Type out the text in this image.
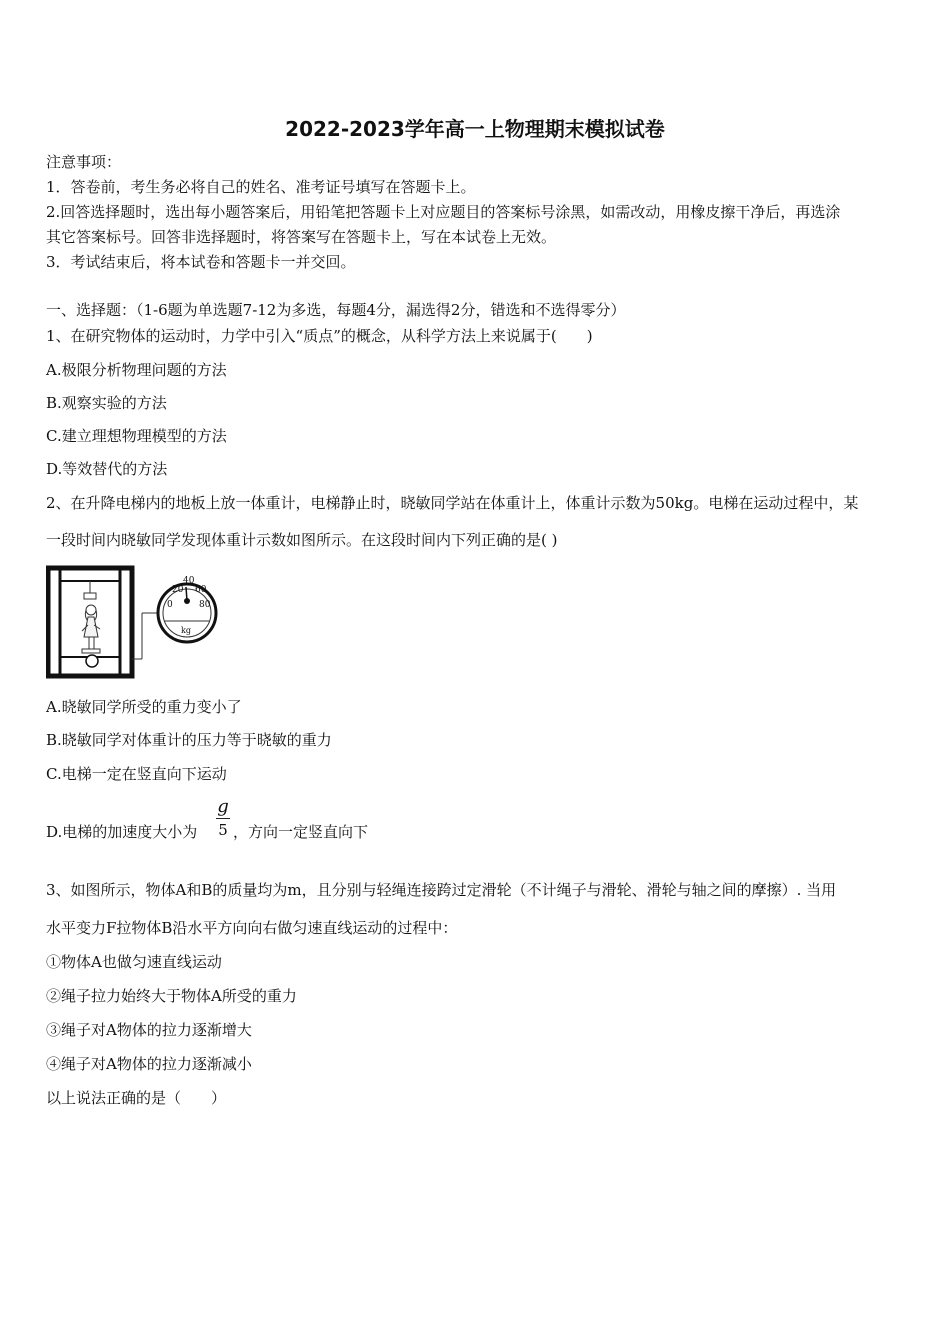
2022-2023学年高一上物理期末模拟试卷
注意事项：
1．答卷前，考生务必将自己的姓名、准考证号填写在答题卡上。
2.回答选择题时，选出每小题答案后，用铅笔把答题卡上对应题目的答案标号涂黑，如需改动，用橡皮擦干净后，再选涂
其它答案标号。回答非选择题时，将答案写在答题卡上，写在本试卷上无效。
3．考试结束后，将本试卷和答题卡一并交回。
一、选择题：（1-6题为单选题7-12为多选，每题4分，漏选得2分，错选和不选得零分）
1、在研究物体的运动时，力学中引入“质点”的概念，从科学方法上来说属于(　　)
A.极限分析物理问题的方法
B.观察实验的方法
C.建立理想物理模型的方法
D.等效替代的方法
2、在升降电梯内的地板上放一体重计，电梯静止时，晓敏同学站在体重计上，体重计示数为50kg。电梯在运动过程中，某
一段时间内晓敏同学发现体重计示数如图所示。在这段时间内下列正确的是( )
20
40
60
0	80
kg
A.晓敏同学所受的重力变小了
B.晓敏同学对体重计的压力等于晓敏的重力
C.电梯一定在竖直向下运动
D.电梯的加速度大小为
g
5 ，方向一定竖直向下
3、如图所示，物体A和B的质量均为m，且分别与轻绳连接跨过定滑轮（不计绳子与滑轮、滑轮与轴之间的摩擦）. 当用
水平变力F拉物体B沿水平方向向右做匀速直线运动的过程中：
①物体A也做匀速直线运动
②绳子拉力始终大于物体A所受的重力
③绳子对A物体的拉力逐渐增大
④绳子对A物体的拉力逐渐减小
以上说法正确的是（　　）
